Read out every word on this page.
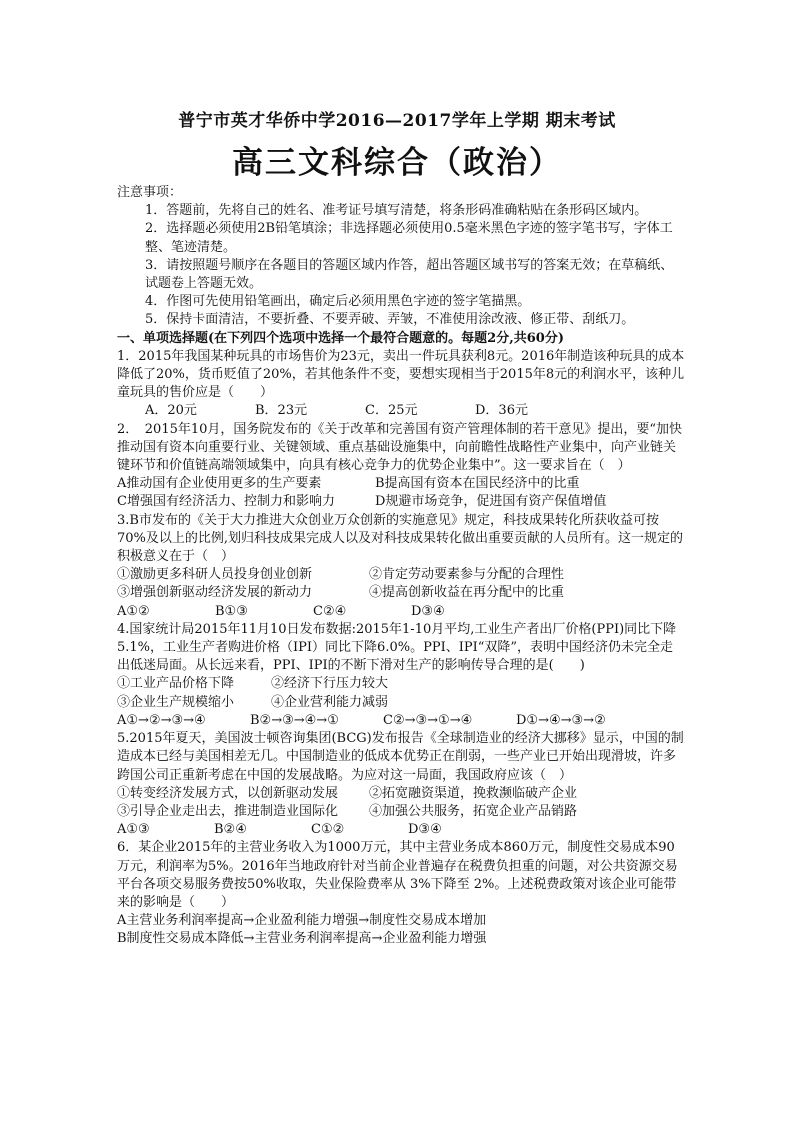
普宁市英才华侨中学2016—2017学年上学期 期末考试
高三文科综合（政治）

注意事项：

1．答题前，先将自己的姓名、准考证号填写清楚，将条形码准确粘贴在条形码区域内。

2．选择题必须使用2B铅笔填涂；非选择题必须使用0.5毫米黑色字迹的签字笔书写，字体工整、笔迹清楚。

3．请按照题号顺序在各题目的答题区域内作答，超出答题区域书写的答案无效；在草稿纸、试题卷上答题无效。

4．作图可先使用铅笔画出，确定后必须用黑色字迹的签字笔描黑。

5．保持卡面清洁，不要折叠、不要弄破、弄皱，不准使用涂改液、修正带、刮纸刀。

一、单项选择题(在下列四个选项中选择一个最符合题意的。每题2分,共60分)

1．2015年我国某种玩具的市场售价为23元，卖出一件玩具获利8元。2016年制造该种玩具的成本降低了20%，货币贬值了20%，若其他条件不变，要想实现相当于2015年8元的利润水平，该种儿童玩具的售价应是（　　）

A．20元	B．23元	C．25元	D．36元

2．　2015年10月，国务院发布的《关于改革和完善国有资产管理体制的若干意见》提出，要“加快推动国有资本向重要行业、关键领域、重点基础设施集中，向前瞻性战略性产业集中，向产业链关键环节和价值链高端领域集中，向具有核心竞争力的优势企业集中”。这一要求旨在（　）

A推动国有企业使用更多的生产要素	B提高国有资本在国民经济中的比重

C增强国有经济活力、控制力和影响力	D规避市场竞争，促进国有资产保值增值

3.B市发布的《关于大力推进大众创业万众创新的实施意见》规定，科技成果转化所获收益可按70%及以上的比例,划归科技成果完成人以及对科技成果转化做出重要贡献的人员所有。这一规定的积极意义在于（　）

①激励更多科研人员投身创业创新	②肯定劳动要素参与分配的合理性

③增强创新驱动经济发展的新动力	④提高创新收益在再分配中的比重

A①②	B①③	C②④	D③④

4.国家统计局2015年11月10日发布数据:2015年1-10月平均,工业生产者出厂价格(PPI)同比下降5.1%，工业生产者购进价格（IPI）同比下降6.0%。PPI、IPI“双降”，表明中国经济仍未完全走出低迷局面。从长远来看，PPI、IPI的不断下滑对生产的影响传导合理的是(　　)

①工业产品价格下降	②经济下行压力较大

③企业生产规模缩小	④企业营利能力减弱

A①→②→③→④	B②→③→④→①	C②→③→①→④	D①→④→③→②

5.2015年夏天，美国波士顿咨询集团(BCG)发布报告《全球制造业的经济大挪移》显示，中国的制造成本已经与美国相差无几。中国制造业的低成本优势正在削弱，一些产业已开始出现滑坡，许多跨国公司正重新考虑在中国的发展战略。为应对这一局面，我国政府应该（　）

①转变经济发展方式，以创新驱动发展	②拓宽融资渠道，挽救濒临破产企业

③引导企业走出去，推进制造业国际化	④加强公共服务，拓宽企业产品销路

A①③	B②④	C①②	D③④

6．某企业2015年的主营业务收入为1000万元，其中主营业务成本860万元，制度性交易成本90万元，利润率为5%。2016年当地政府针对当前企业普遍存在税费负担重的问题，对公共资源交易平台各项交易服务费按50%收取，失业保险费率从 3%下降至 2%。上述税费政策对该企业可能带来的影响是（　　）

A主营业务利润率提高→企业盈利能力增强→制度性交易成本增加

B制度性交易成本降低→主营业务利润率提高→企业盈利能力增强
